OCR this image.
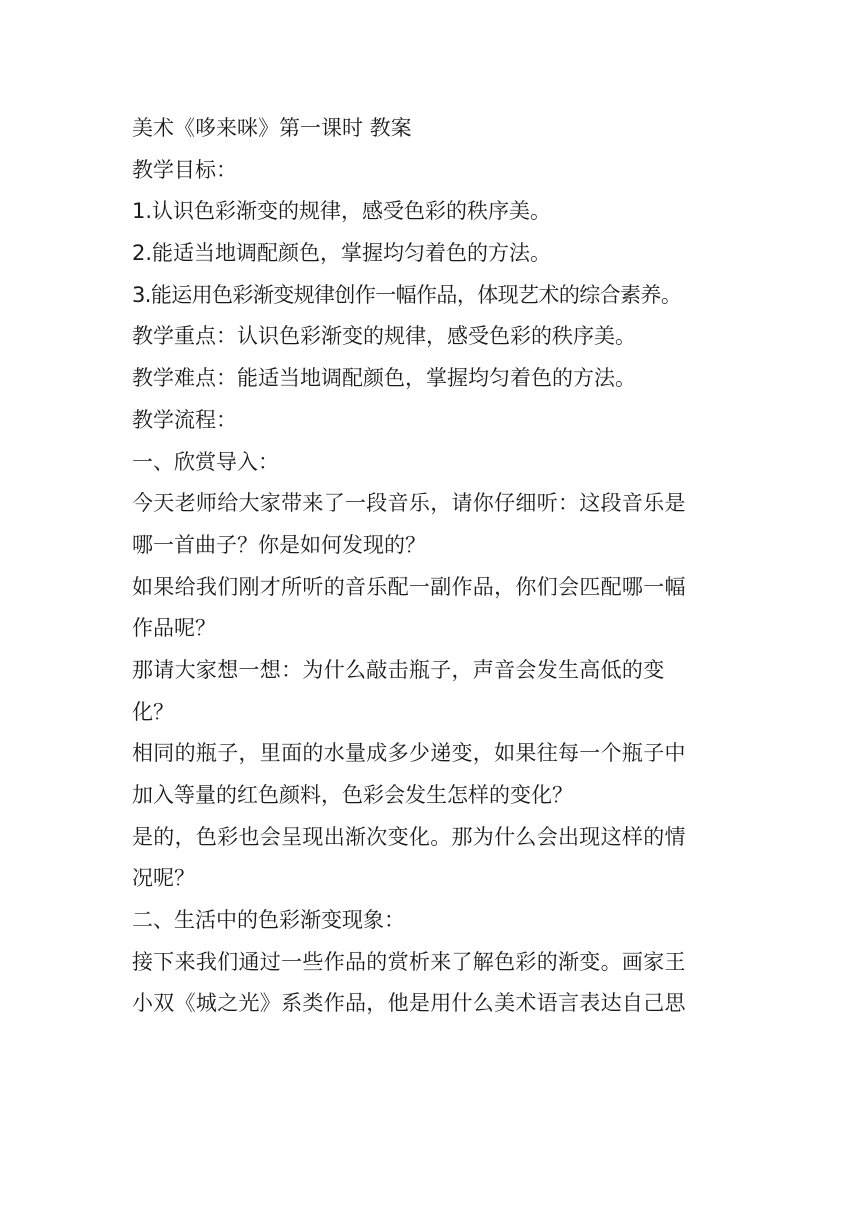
美术《哆来咪》第一课时 教案
教学目标：
1.认识色彩渐变的规律，感受色彩的秩序美。
2.能适当地调配颜色，掌握均匀着色的方法。
3.能运用色彩渐变规律创作一幅作品，体现艺术的综合素养。
教学重点：认识色彩渐变的规律，感受色彩的秩序美。
教学难点：能适当地调配颜色，掌握均匀着色的方法。
教学流程：
一、欣赏导入：
今天老师给大家带来了一段音乐，请你仔细听：这段音乐是
哪一首曲子？你是如何发现的？
如果给我们刚才所听的音乐配一副作品，你们会匹配哪一幅
作品呢？
那请大家想一想：为什么敲击瓶子，声音会发生高低的变
化？
相同的瓶子，里面的水量成多少递变，如果往每一个瓶子中
加入等量的红色颜料，色彩会发生怎样的变化？
是的，色彩也会呈现出渐次变化。那为什么会出现这样的情
况呢？
二、生活中的色彩渐变现象：
接下来我们通过一些作品的赏析来了解色彩的渐变。画家王
小双《城之光》系类作品，他是用什么美术语言表达自己思
